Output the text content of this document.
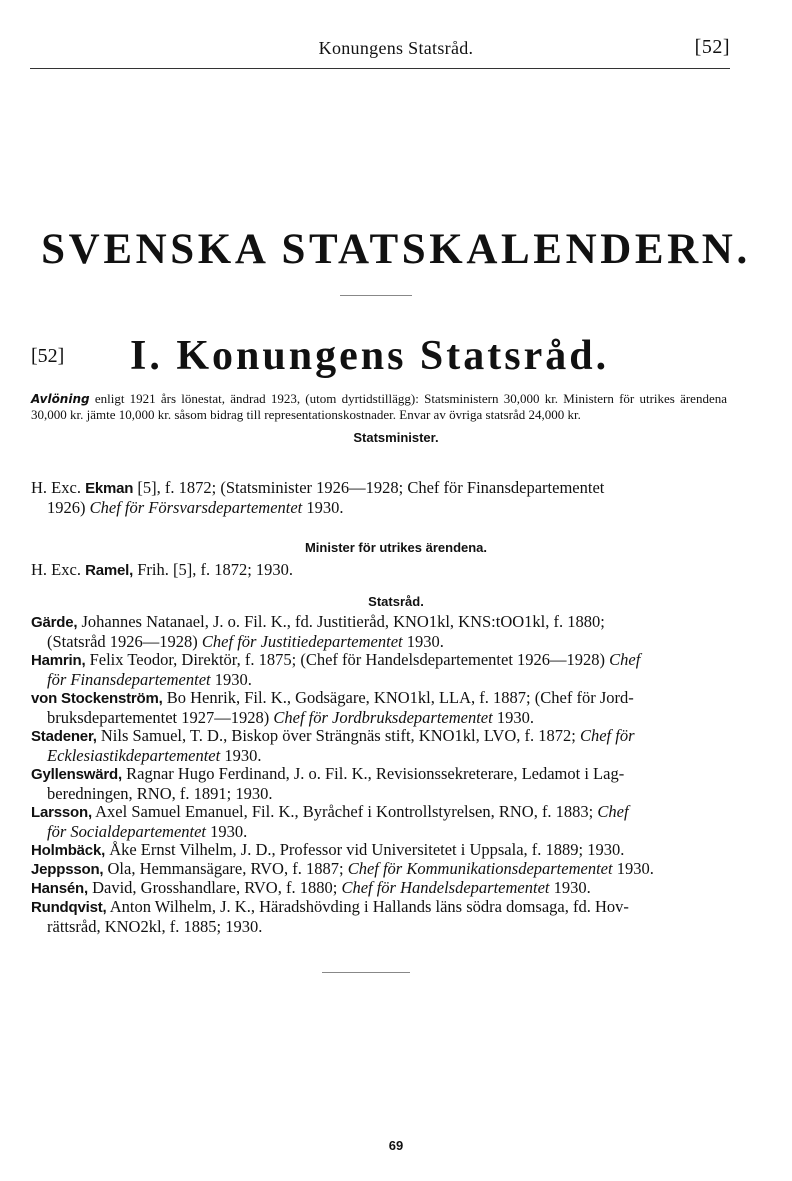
Konungens Statsråd.	[52]
SVENSKA STATSKALENDERN.
[52] I. Konungens Statsråd.
Avlöning enligt 1921 års lönestat, ändrad 1923, (utom dyrtidstillägg): Statsministern 30,000 kr. Ministern för utrikes ärendena 30,000 kr. jämte 10,000 kr. såsom bidrag till representationskostnader. Envar av övriga statsråd 24,000 kr.
Statsminister.
H. Exc. Ekman [5], f. 1872; (Statsminister 1926—1928; Chef för Finansdepartementet
1926) Chef för Försvarsdepartementet 1930.
Minister för utrikes ärendena.
H. Exc. Ramel, Frih. [5], f. 1872; 1930.
Statsråd.
Gärde, Johannes Natanael, J. o. Fil. K., fd. Justitieråd, KNO1kl, KNS:tOO1kl, f. 1880;
(Statsråd 1926—1928) Chef för Justitiedepartementet 1930.
Hamrin, Felix Teodor, Direktör, f. 1875; (Chef för Handelsdepartementet 1926—1928) Chef
för Finansdepartementet 1930.
von Stockenström, Bo Henrik, Fil. K., Godsägare, KNO1kl, LLA, f. 1887; (Chef för Jord-
bruksdepartementet 1927—1928) Chef för Jordbruksdepartementet 1930.
Stadener, Nils Samuel, T. D., Biskop över Strängnäs stift, KNO1kl, LVO, f. 1872; Chef för
Ecklesiastikdepartementet 1930.
Gyllenswärd, Ragnar Hugo Ferdinand, J. o. Fil. K., Revisionssekreterare, Ledamot i Lag-
beredningen, RNO, f. 1891; 1930.
Larsson, Axel Samuel Emanuel, Fil. K., Byråchef i Kontrollstyrelsen, RNO, f. 1883; Chef
för Socialdepartementet 1930.
Holmbäck, Åke Ernst Vilhelm, J. D., Professor vid Universitetet i Uppsala, f. 1889; 1930.
Jeppsson, Ola, Hemmansägare, RVO, f. 1887; Chef för Kommunikationsdepartementet 1930.
Hansén, David, Grosshandlare, RVO, f. 1880; Chef för Handelsdepartementet 1930.
Rundqvist, Anton Wilhelm, J. K., Häradshövding i Hallands läns södra domsaga, fd. Hov-
rättsråd, KNO2kl, f. 1885; 1930.
69
